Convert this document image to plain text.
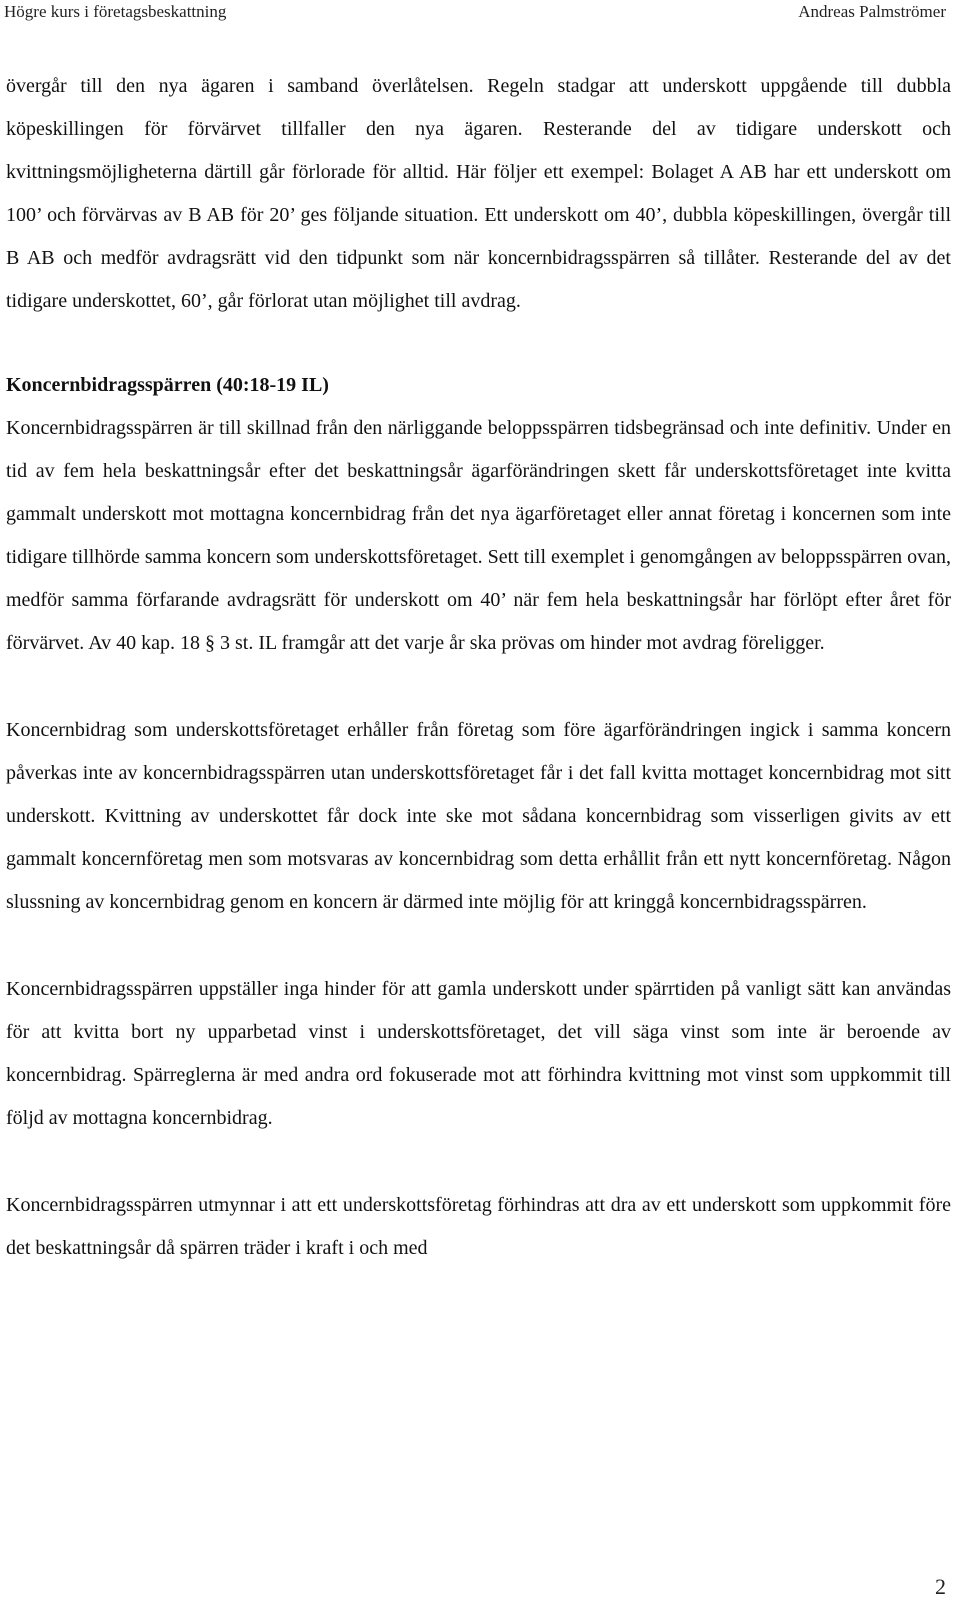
Högre kurs i företagsbeskattning	Andreas Palmströmer

övergår till den nya ägaren i samband överlåtelsen. Regeln stadgar att underskott uppgående till dubbla köpeskillingen för förvärvet tillfaller den nya ägaren. Resterande del av tidigare underskott och kvittningsmöjligheterna därtill går förlorade för alltid. Här följer ett exempel: Bolaget A AB har ett underskott om 100’ och förvärvas av B AB för 20’ ges följande situation. Ett underskott om 40’, dubbla köpeskillingen, övergår till B AB och medför avdragsrätt vid den tidpunkt som när koncernbidragsspärren så tillåter. Resterande del av det tidigare underskottet, 60’, går förlorat utan möjlighet till avdrag.

Koncernbidragsspärren (40:18-19 IL)

Koncernbidragsspärren är till skillnad från den närliggande beloppsspärren tidsbegränsad och inte definitiv. Under en tid av fem hela beskattningsår efter det beskattningsår ägarförändringen skett får underskottsföretaget inte kvitta gammalt underskott mot mottagna koncernbidrag från det nya ägarföretaget eller annat företag i koncernen som inte tidigare tillhörde samma koncern som underskottsföretaget. Sett till exemplet i genomgången av beloppsspärren ovan, medför samma förfarande avdragsrätt för underskott om 40’ när fem hela beskattningsår har förlöpt efter året för förvärvet. Av 40 kap. 18 § 3 st. IL framgår att det varje år ska prövas om hinder mot avdrag föreligger.

Koncernbidrag som underskottsföretaget erhåller från företag som före ägarförändringen ingick i samma koncern påverkas inte av koncernbidragsspärren utan underskottsföretaget får i det fall kvitta mottaget koncernbidrag mot sitt underskott. Kvittning av underskottet får dock inte ske mot sådana koncernbidrag som visserligen givits av ett gammalt koncernföretag men som motsvaras av koncernbidrag som detta erhållit från ett nytt koncernföretag. Någon slussning av koncernbidrag genom en koncern är därmed inte möjlig för att kringgå koncernbidragsspärren.

Koncernbidragsspärren uppställer inga hinder för att gamla underskott under spärrtiden på vanligt sätt kan användas för att kvitta bort ny upparbetad vinst i underskottsföretaget, det vill säga vinst som inte är beroende av koncernbidrag. Spärreglerna är med andra ord fokuserade mot att förhindra kvittning mot vinst som uppkommit till följd av mottagna koncernbidrag.

Koncernbidragsspärren utmynnar i att ett underskottsföretag förhindras att dra av ett underskott som uppkommit före det beskattningsår då spärren träder i kraft i och med

2
